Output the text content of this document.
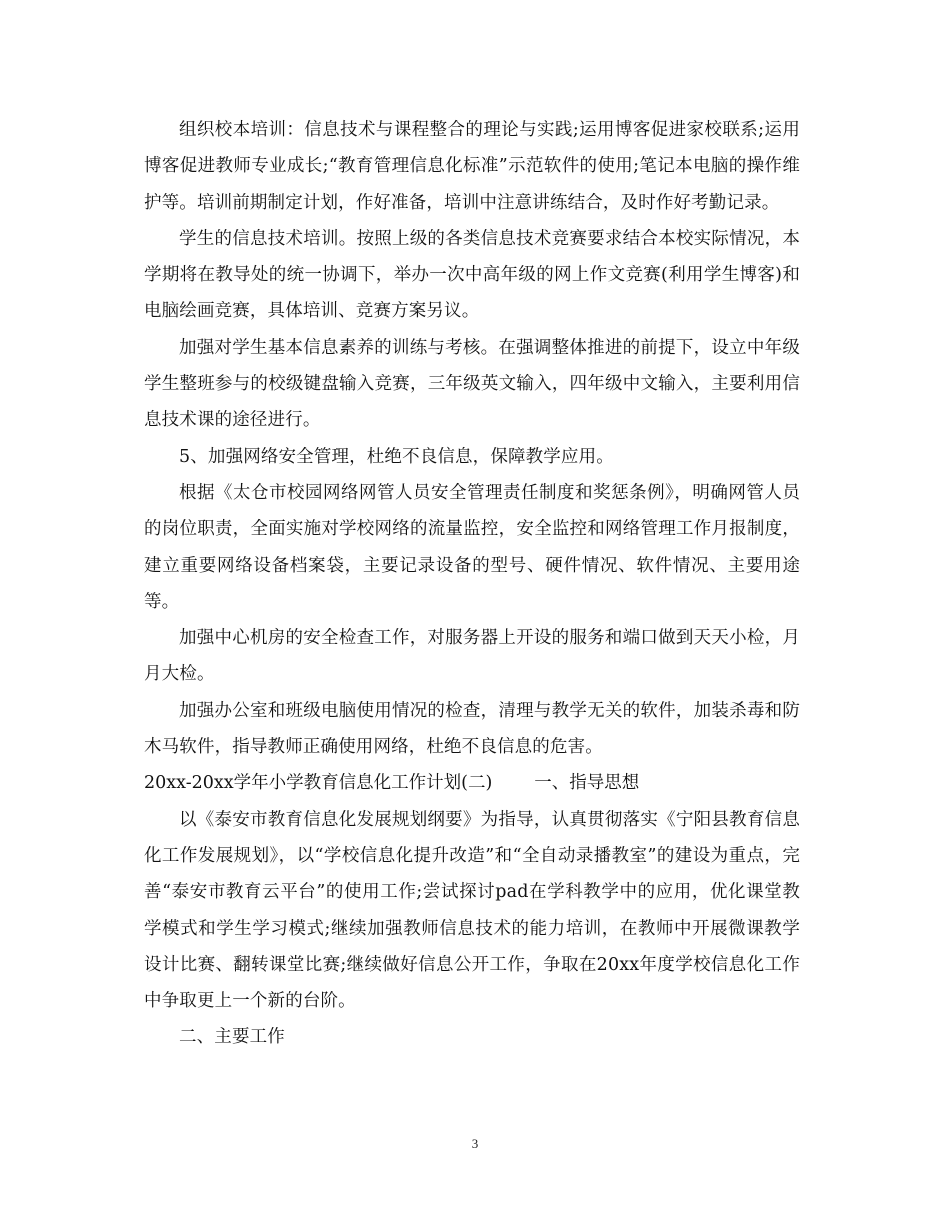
组织校本培训：信息技术与课程整合的理论与实践;运用博客促进家校联系;运用博客促进教师专业成长;“教育管理信息化标准”示范软件的使用;笔记本电脑的操作维护等。培训前期制定计划，作好准备，培训中注意讲练结合，及时作好考勤记录。

学生的信息技术培训。按照上级的各类信息技术竞赛要求结合本校实际情况，本学期将在教导处的统一协调下，举办一次中高年级的网上作文竞赛(利用学生博客)和电脑绘画竞赛，具体培训、竞赛方案另议。

加强对学生基本信息素养的训练与考核。在强调整体推进的前提下，设立中年级学生整班参与的校级键盘输入竞赛，三年级英文输入，四年级中文输入，主要利用信息技术课的途径进行。

5、加强网络安全管理，杜绝不良信息，保障教学应用。

根据《太仓市校园网络网管人员安全管理责任制度和奖惩条例》，明确网管人员的岗位职责，全面实施对学校网络的流量监控，安全监控和网络管理工作月报制度，建立重要网络设备档案袋，主要记录设备的型号、硬件情况、软件情况、主要用途等。

加强中心机房的安全检查工作，对服务器上开设的服务和端口做到天天小检，月月大检。

加强办公室和班级电脑使用情况的检查，清理与教学无关的软件，加装杀毒和防木马软件，指导教师正确使用网络，杜绝不良信息的危害。

20xx-20xx学年小学教育信息化工作计划(二) 一、指导思想

以《泰安市教育信息化发展规划纲要》为指导，认真贯彻落实《宁阳县教育信息化工作发展规划》，以“学校信息化提升改造”和“全自动录播教室”的建设为重点，完善“泰安市教育云平台”的使用工作;尝试探讨pad在学科教学中的应用，优化课堂教学模式和学生学习模式;继续加强教师信息技术的能力培训，在教师中开展微课教学设计比赛、翻转课堂比赛;继续做好信息公开工作，争取在20xx年度学校信息化工作中争取更上一个新的台阶。

二、主要工作

3
